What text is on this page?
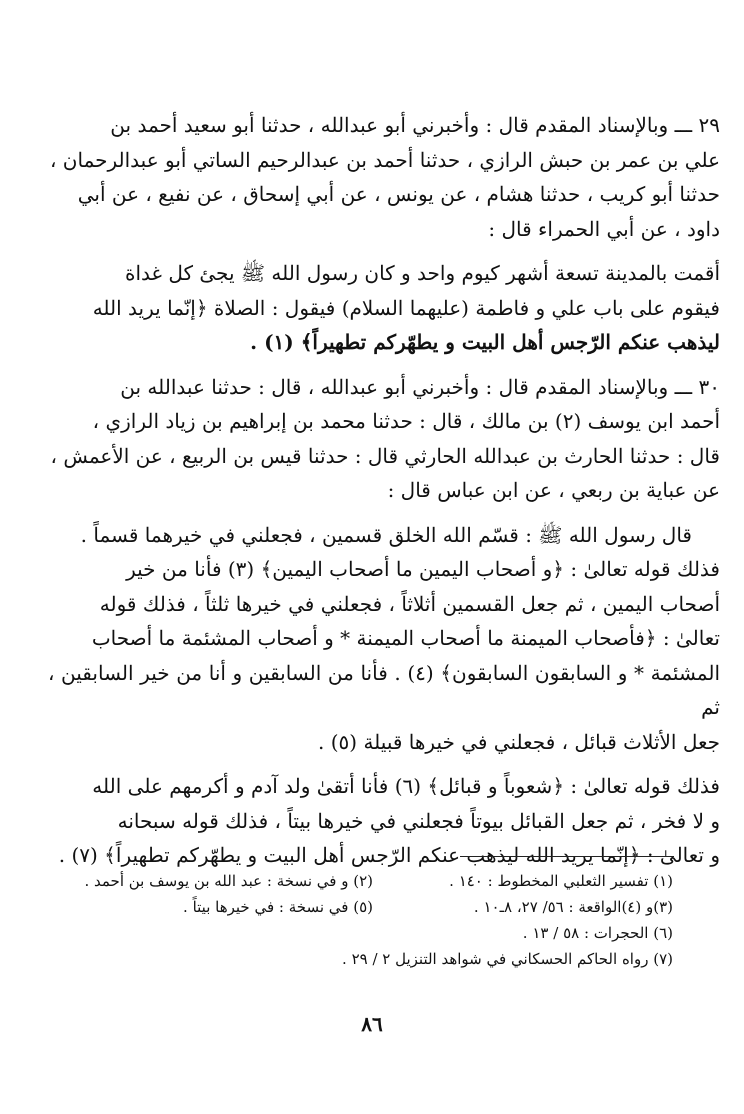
۲۹ ـــ وبالإسناد المقدم قال : وأخبرني أبو عبدالله ، حدثنا أبو سعيد أحمد بن
علي بن عمر بن حبش الرازي ، حدثنا أحمد بن عبدالرحيم الساتي أبو عبدالرحمان ،
حدثنا أبو كريب ، حدثنا هشام ، عن يونس ، عن أبي إسحاق ، عن نفيع ، عن أبي
داود ، عن أبي الحمراء قال :
أقمت بالمدينة تسعة أشهر كيوم واحد و كان رسول الله ﷺ يجئ كل غداة
فيقوم على باب علي و فاطمة (عليهما السلام) فيقول : الصلاة ﴿إنّما يريد الله
ليذهب عنكم الرّجس أهل البيت و يطهّركم تطهيراً﴾ (۱) .
۳۰ ـــ وبالإسناد المقدم قال : وأخبرني أبو عبدالله ، قال : حدثنا عبدالله بن
أحمد ابن يوسف (۲) بن مالك ، قال : حدثنا محمد بن إبراهيم بن زياد الرازي ،
قال : حدثنا الحارث بن عبدالله الحارثي قال : حدثنا قيس بن الربيع ، عن الأعمش ،
عن عباية بن ربعي ، عن ابن عباس قال :
قال رسول الله ﷺ : قسّم الله الخلق قسمين ، فجعلني في خيرهما قسماً .
فذلك قوله تعالىٰ : ﴿و أصحاب اليمين ما أصحاب اليمين﴾ (۳) فأنا من خير
أصحاب اليمين ، ثم جعل القسمين أثلاثاً ، فجعلني في خيرها ثلثاً ، فذلك قوله
تعالىٰ : ﴿فأصحاب الميمنة ما أصحاب الميمنة * و أصحاب المشئمة ما أصحاب
المشئمة * و السابقون السابقون﴾ (٤) . فأنا من السابقين و أنا من خير السابقين ، ثم
جعل الأثلاث قبائل ، فجعلني في خيرها قبيلة (٥) .
فذلك قوله تعالىٰ : ﴿شعوباً و قبائل﴾ (٦) فأنا أتقىٰ ولد آدم و أكرمهم على الله
و لا فخر ، ثم جعل القبائل بيوتاً فجعلني في خيرها بيتاً ، فذلك قوله سبحانه
و تعالىٰ : ﴿إنّما يريد الله ليذهب عنكم الرّجس أهل البيت و يطهّركم تطهيراً﴾ (۷) .
(۱) تفسير الثعلبي المخطوط : ۱٤٠ .
(۲) و في نسخة : عبد الله بن يوسف بن أحمد .
(۳)و (٤)الواقعة : ٥٦/ ۲۷، ۸ـ۱٠ .
(٥) في نسخة : في خيرها بيتاً .
(٦) الحجرات : ٥۸ / ۱۳ .
(۷) رواه الحاكم الحسكاني في شواهد التنزيل ۲ / ۲۹ .
۸٦
